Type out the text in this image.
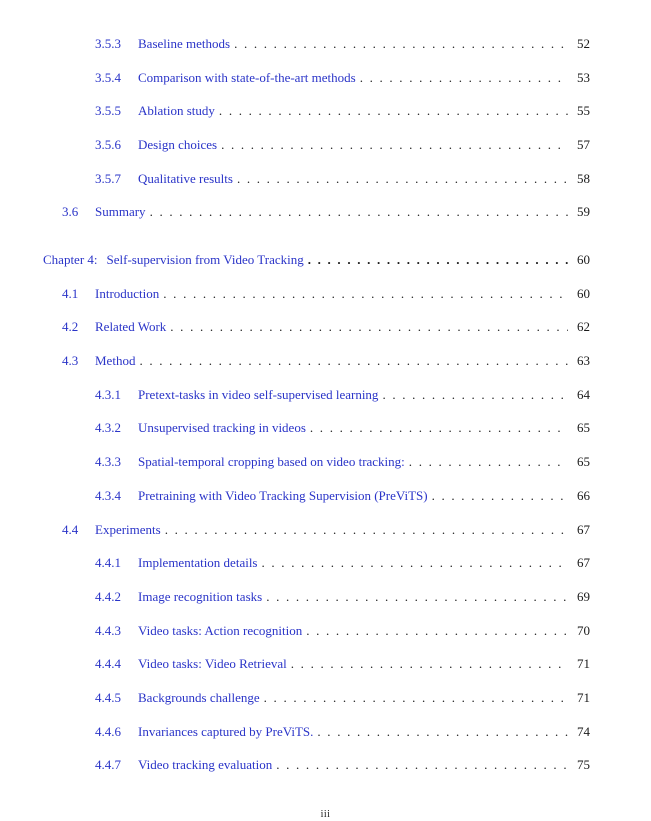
3.5.3	Baseline methods . . .	52
3.5.4	Comparison with state-of-the-art methods . . .	53
3.5.5	Ablation study . . .	55
3.5.6	Design choices . . .	57
3.5.7	Qualitative results . . .	58
3.6	Summary . . .	59
Chapter 4: Self-supervision from Video Tracking . . .	60
4.1	Introduction . . .	60
4.2	Related Work . . .	62
4.3	Method . . .	63
4.3.1	Pretext-tasks in video self-supervised learning . . .	64
4.3.2	Unsupervised tracking in videos . . .	65
4.3.3	Spatial-temporal cropping based on video tracking: . . .	65
4.3.4	Pretraining with Video Tracking Supervision (PreViTS) . . .	66
4.4	Experiments . . .	67
4.4.1	Implementation details . . .	67
4.4.2	Image recognition tasks . . .	69
4.4.3	Video tasks: Action recognition . . .	70
4.4.4	Video tasks: Video Retrieval . . .	71
4.4.5	Backgrounds challenge . . .	71
4.4.6	Invariances captured by PreViTS. . . .	74
4.4.7	Video tracking evaluation . . .	75
iii
